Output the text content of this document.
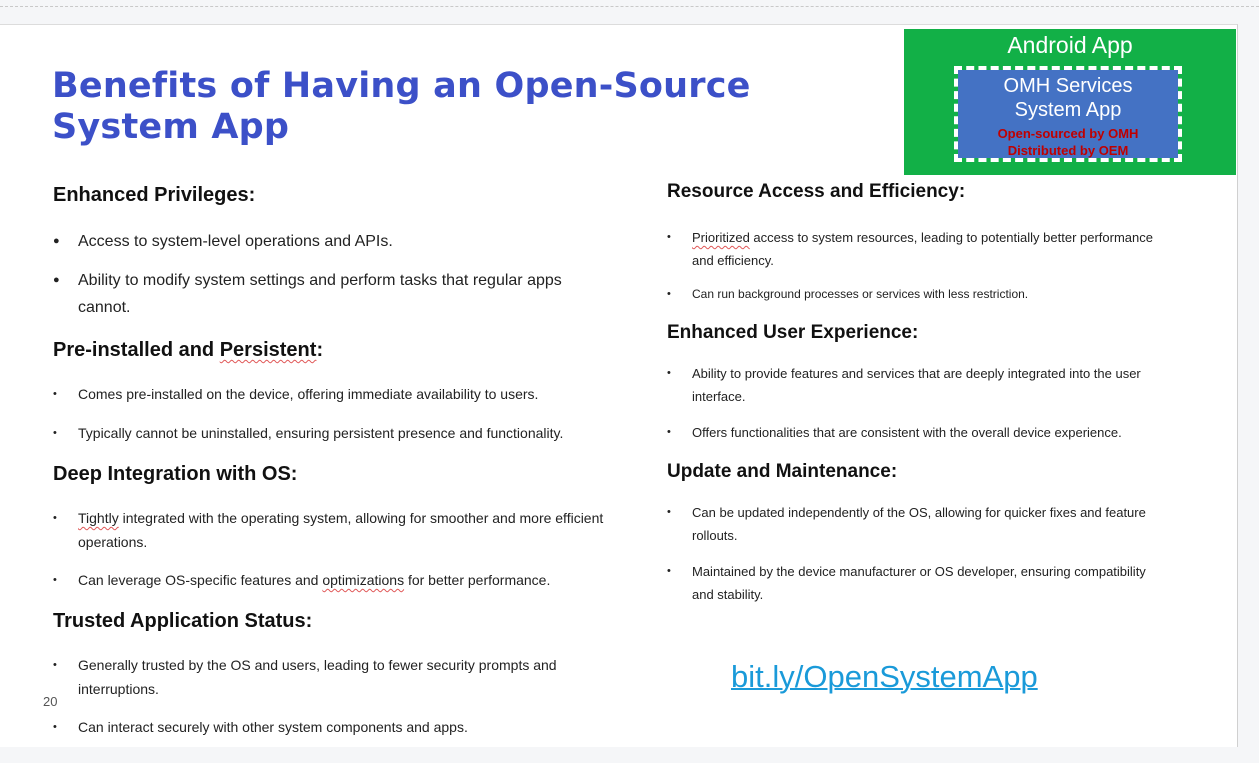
Benefits of Having an Open-Source
System App
Android App
OMH Services
System App
Open-sourced by OMH
Distributed by OEM
Enhanced Privileges:
● Access to system-level operations and APIs.
● Ability to modify system settings and perform tasks that regular apps
cannot.
Pre-installed and Persistent:
• Comes pre-installed on the device, offering immediate availability to users.
• Typically cannot be uninstalled, ensuring persistent presence and functionality.
Deep Integration with OS:
• Tightly integrated with the operating system, allowing for smoother and more efficient
operations.
• Can leverage OS-specific features and optimizations for better performance.
Trusted Application Status:
• Generally trusted by the OS and users, leading to fewer security prompts and
interruptions.
• Can interact securely with other system components and apps.
Resource Access and Efficiency:
• Prioritized access to system resources, leading to potentially better performance
and efficiency.
• Can run background processes or services with less restriction.
Enhanced User Experience:
• Ability to provide features and services that are deeply integrated into the user
interface.
• Offers functionalities that are consistent with the overall device experience.
Update and Maintenance:
• Can be updated independently of the OS, allowing for quicker fixes and feature
rollouts.
• Maintained by the device manufacturer or OS developer, ensuring compatibility
and stability.
bit.ly/OpenSystemApp
20
